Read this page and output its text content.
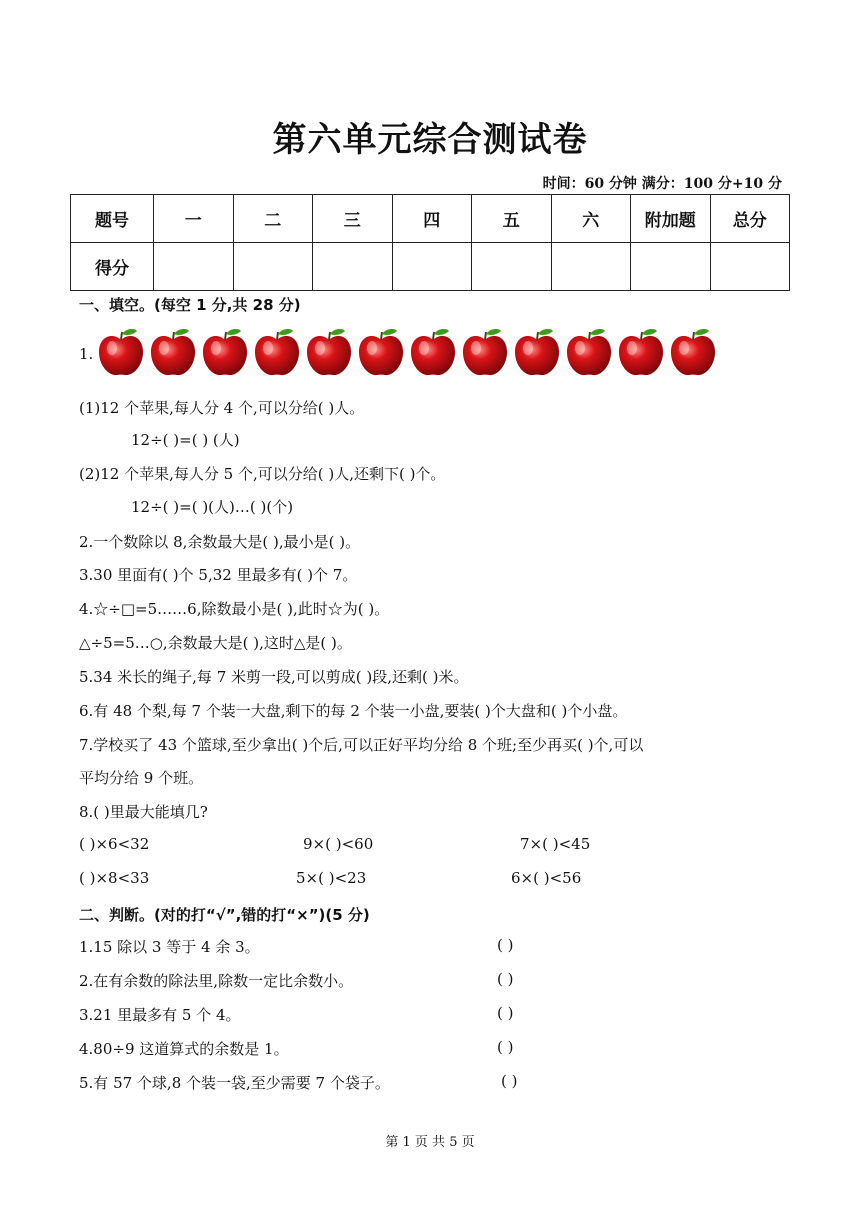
第六单元综合测试卷
时间：60 分钟 满分：100 分+10 分
题号	一	二	三	四	五	六	附加题	总分
得分								
一、填空。(每空 1 分,共 28 分)
1.
(1)12 个苹果,每人分 4 个,可以分给( )人。
12÷( )=( ) (人)
(2)12 个苹果,每人分 5 个,可以分给( )人,还剩下( )个。
12÷( )=( )(人)…( )(个)
2.一个数除以 8,余数最大是( ),最小是( )。
3.30 里面有( )个 5,32 里最多有( )个 7。
4.☆÷□=5……6,除数最小是( ),此时☆为( )。
△÷5=5…○,余数最大是( ),这时△是( )。
5.34 米长的绳子,每 7 米剪一段,可以剪成( )段,还剩( )米。
6.有 48 个梨,每 7 个装一大盘,剩下的每 2 个装一小盘,要装( )个大盘和( )个小盘。
7.学校买了 43 个篮球,至少拿出( )个后,可以正好平均分给 8 个班;至少再买( )个,可以
平均分给 9 个班。
8.( )里最大能填几?
( )×6<32	9×( )<60	7×( )<45
( )×8<33	5×( )<23	6×( )<56
二、判断。(对的打“√”,错的打“×”)(5 分)
1.15 除以 3 等于 4 余 3。	( )
2.在有余数的除法里,除数一定比余数小。	( )
3.21 里最多有 5 个 4。	( )
4.80÷9 这道算式的余数是 1。	( )
5.有 57 个球,8 个装一袋,至少需要 7 个袋子。	( )
第 1 页 共 5 页
